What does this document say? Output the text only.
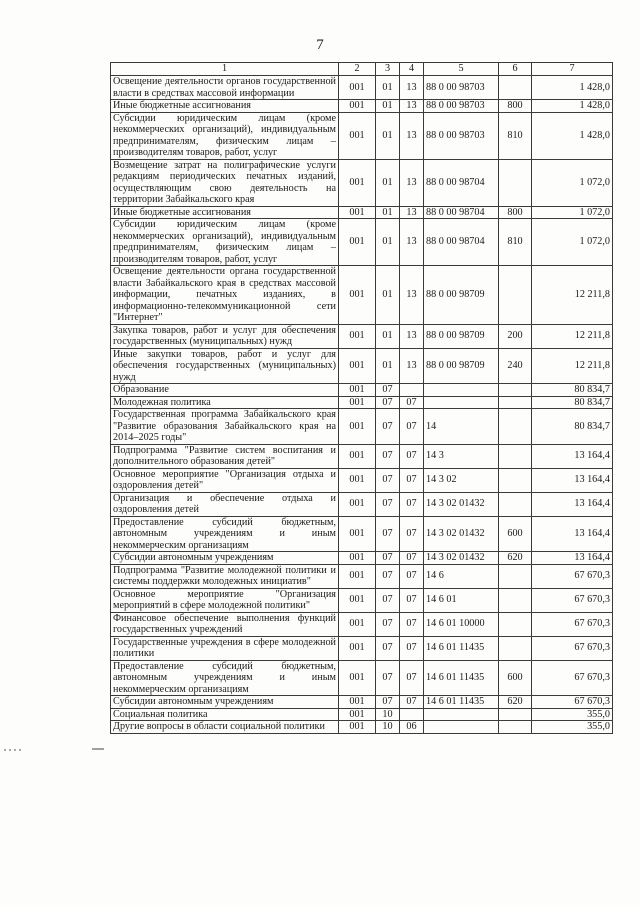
7
1	2	3	4	5	6	7
Освещение деятельности органов государственной власти в средствах массовой информации	001	01	13	88 0 00 98703		1 428,0
Иные бюджетные ассигнования	001	01	13	88 0 00 98703	800	1 428,0
Субсидии юридическим лицам (кроме некоммерческих организаций), индивидуальным предпринимателям, физическим лицам – производителям товаров, работ, услуг	001	01	13	88 0 00 98703	810	1 428,0
Возмещение затрат на полиграфические услуги редакциям периодических печатных изданий, осуществляющим свою деятельность на территории Забайкальского края	001	01	13	88 0 00 98704		1 072,0
Иные бюджетные ассигнования	001	01	13	88 0 00 98704	800	1 072,0
Субсидии юридическим лицам (кроме некоммерческих организаций), индивидуальным предпринимателям, физическим лицам – производителям товаров, работ, услуг	001	01	13	88 0 00 98704	810	1 072,0
Освещение деятельности органа государственной власти Забайкальского края в средствах массовой информации, печатных изданиях, в информационно-телекоммуникационной сети "Интернет"	001	01	13	88 0 00 98709		12 211,8
Закупка товаров, работ и услуг для обеспечения государственных (муниципальных) нужд	001	01	13	88 0 00 98709	200	12 211,8
Иные закупки товаров, работ и услуг для обеспечения государственных (муниципальных) нужд	001	01	13	88 0 00 98709	240	12 211,8
Образование	001	07				80 834,7
Молодежная политика	001	07	07			80 834,7
Государственная программа Забайкальского края "Развитие образования Забайкальского края на 2014–2025 годы"	001	07	07	14		80 834,7
Подпрограмма "Развитие систем воспитания и дополнительного образования детей"	001	07	07	14 3		13 164,4
Основное мероприятие "Организация отдыха и оздоровления детей"	001	07	07	14 3 02		13 164,4
Организация и обеспечение отдыха и оздоровления детей	001	07	07	14 3 02 01432		13 164,4
Предоставление субсидий бюджетным, автономным учреждениям и иным некоммерческим организациям	001	07	07	14 3 02 01432	600	13 164,4
Субсидии автономным учреждениям	001	07	07	14 3 02 01432	620	13 164,4
Подпрограмма "Развитие молодежной политики и системы поддержки молодежных инициатив"	001	07	07	14 6		67 670,3
Основное мероприятие "Организация мероприятий в сфере молодежной политики"	001	07	07	14 6 01		67 670,3
Финансовое обеспечение выполнения функций государственных учреждений	001	07	07	14 6 01 10000		67 670,3
Государственные учреждения в сфере молодежной политики	001	07	07	14 6 01 11435		67 670,3
Предоставление субсидий бюджетным, автономным учреждениям и иным некоммерческим организациям	001	07	07	14 6 01 11435	600	67 670,3
Субсидии автономным учреждениям	001	07	07	14 6 01 11435	620	67 670,3
Социальная политика	001	10				355,0
Другие вопросы в области социальной политики	001	10	06			355,0
